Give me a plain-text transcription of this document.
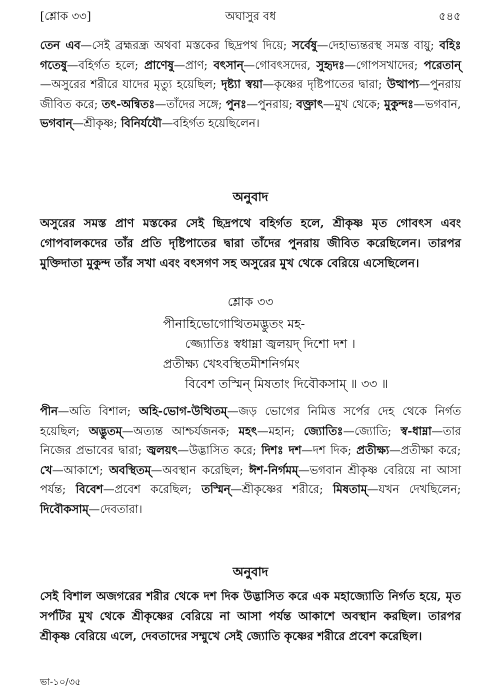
[শ্লোক ৩৩]	অঘাসুর বধ	৫৪৫
তেন এব—সেই ব্রহ্মরন্ধ্র অথবা মস্তকের ছিদ্রপথ দিয়ে; সর্বেষু—দেহাভ্যন্তরস্থ সমস্ত বায়ু; বহিঃ গতেষু—বহির্গত হলে; প্রাণেষু—প্রাণ; বৎসান্—গোবৎসদের, সুহৃদঃ—গোপসখাদের; পরেতান্—অসুরের শরীরে যাদের মৃত্যু হয়েছিল; দৃষ্ট্যা স্বয়া—কৃষ্ণের দৃষ্টিপাতের দ্বারা; উত্থাপ্য—পুনরায় জীবিত করে; তৎ-অন্বিতঃ—তাঁদের সঙ্গে; পুনঃ—পুনরায়; বক্ত্রাৎ—মুখ থেকে; মুকুন্দঃ—ভগবান, ভগবান্—শ্রীকৃষ্ণ; বিনির্যযৌ—বহির্গত হয়েছিলেন।
অনুবাদ
অসুরের সমস্ত প্রাণ মস্তকের সেই ছিদ্রপথে বহির্গত হলে, শ্রীকৃষ্ণ মৃত গোবৎস এবং গোপবালকদের তাঁর প্রতি দৃষ্টিপাতের দ্বারা তাঁদের পুনরায় জীবিত করেছিলেন। তারপর মুক্তিদাতা মুকুন্দ তাঁর সখা এবং বৎসগণ সহ অসুরের মুখ থেকে বেরিয়ে এসেছিলেন।
শ্লোক ৩৩
পীনাহিভোগোত্থিতমদ্ভুতং মহ-
জ্জ্যোতিঃ স্বধাম্না জ্বলয়দ্ দিশো দশ ।
প্রতীক্ষ্য খেঽবস্থিতমীশনির্গমং
বিবেশ তস্মিন্ মিষতাং দিবৌকসাম্ ॥ ৩৩ ॥
পীন—অতি বিশাল; অহি-ভোগ-উত্থিতম্—জড় ভোগের নিমিত্ত সর্পের দেহ থেকে নির্গত হয়েছিল; অদ্ভুতম্—অত্যন্ত আশ্চর্যজনক; মহৎ—মহান; জ্যোতিঃ—জ্যোতি; স্ব-ধাম্না—তার নিজের প্রভাবের দ্বারা; জ্বলয়ৎ—উদ্ভাসিত করে; দিশঃ দশ—দশ দিক; প্রতীক্ষ্য—প্রতীক্ষা করে; খে—আকাশে; অবস্থিতম্—অবস্থান করেছিল; ঈশ-নির্গমম্—ভগবান শ্রীকৃষ্ণ বেরিয়ে না আসা পর্যন্ত; বিবেশ—প্রবেশ করেছিল; তস্মিন্—শ্রীকৃষ্ণের শরীরে; মিষতাম্—যখন দেখছিলেন; দিবৌকসাম্—দেবতারা।
অনুবাদ
সেই বিশাল অজগরের শরীর থেকে দশ দিক উদ্ভাসিত করে এক মহাজ্যোতি নির্গত হয়ে, মৃত সর্পটির মুখ থেকে শ্রীকৃষ্ণের বেরিয়ে না আসা পর্যন্ত আকাশে অবস্থান করছিল। তারপর শ্রীকৃষ্ণ বেরিয়ে এলে, দেবতাদের সম্মুখে সেই জ্যোতি কৃষ্ণের শরীরে প্রবেশ করেছিল।
ভা-১০/৩৫
